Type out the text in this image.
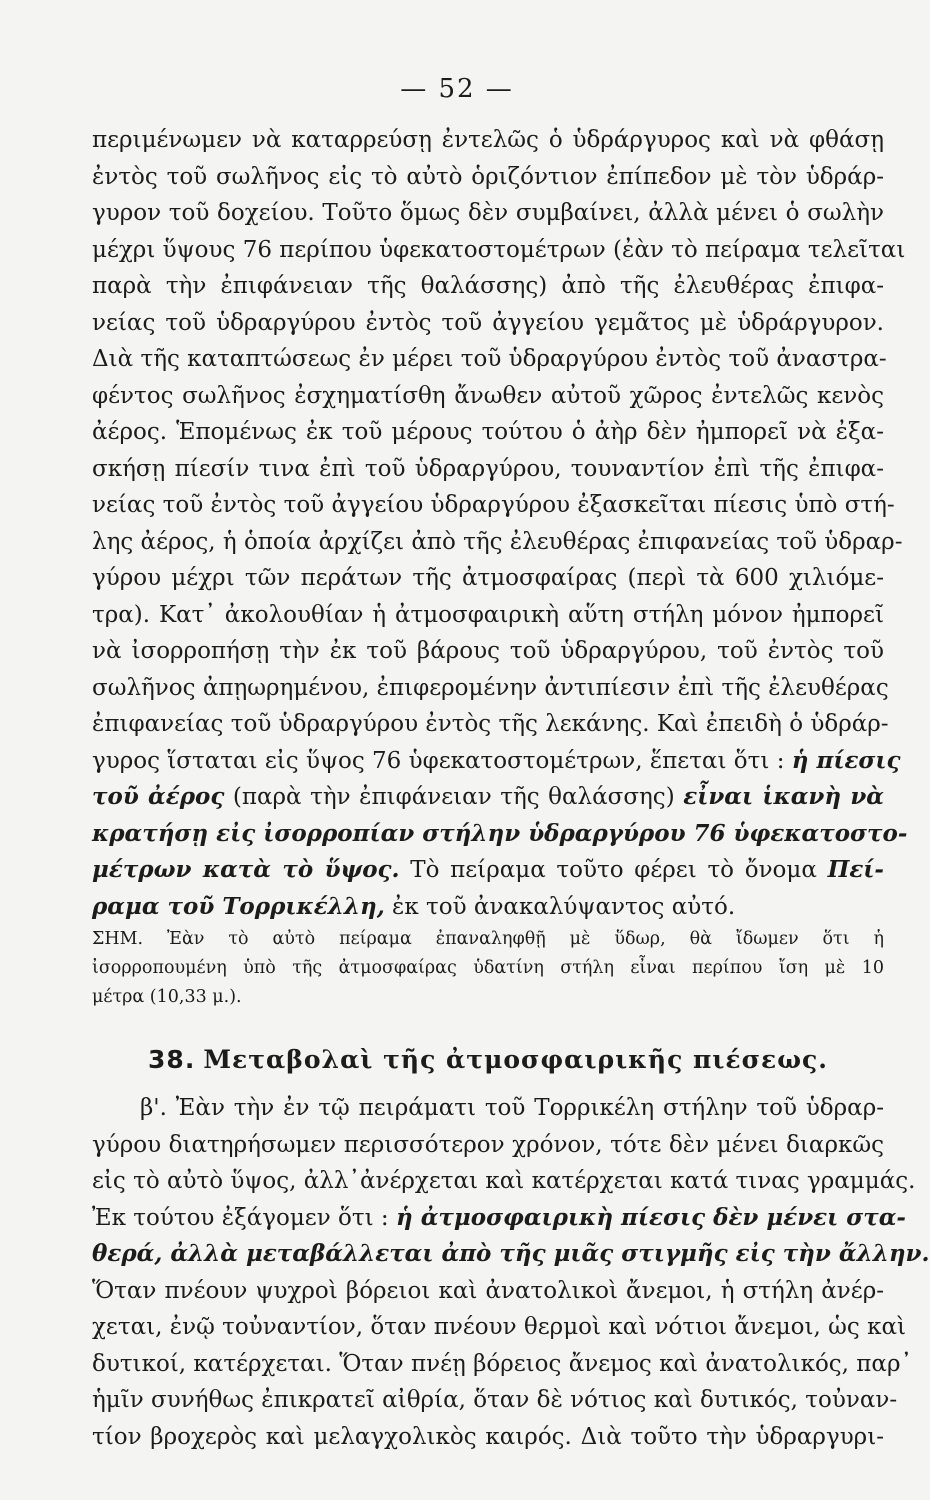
— 52 —
περιμένωμεν νὰ καταρρεύσῃ ἐντελῶς ὁ ὑδράργυρος καὶ νὰ φθάσῃ
ἐντὸς τοῦ σωλῆνος εἰς τὸ αὐτὸ ὁριζόντιον ἐπίπεδον μὲ τὸν ὑδράρ-
γυρον τοῦ δοχείου. Τοῦτο ὅμως δὲν συμβαίνει, ἀλλὰ μένει ὁ σωλὴν
μέχρι ὕψους 76 περίπου ὑφεκατοστομέτρων (ἐὰν τὸ πείραμα τελεῖται
παρὰ τὴν ἐπιφάνειαν τῆς θαλάσσης) ἀπὸ τῆς ἐλευθέρας ἐπιφα-
νείας τοῦ ὑδραργύρου ἐντὸς τοῦ ἀγγείου γεμᾶτος μὲ ὑδράργυρον.
Διὰ τῆς καταπτώσεως ἐν μέρει τοῦ ὑδραργύρου ἐντὸς τοῦ ἀναστρα-
φέντος σωλῆνος ἐσχηματίσθη ἄνωθεν αὐτοῦ χῶρος ἐντελῶς κενὸς
ἀέρος. Ἑπομένως ἐκ τοῦ μέρους τούτου ὁ ἀὴρ δὲν ἠμπορεῖ νὰ ἐξα-
σκήσῃ πίεσίν τινα ἐπὶ τοῦ ὑδραργύρου, τουναντίον ἐπὶ τῆς ἐπιφα-
νείας τοῦ ἐντὸς τοῦ ἀγγείου ὑδραργύρου ἐξασκεῖται πίεσις ὑπὸ στή-
λης ἀέρος, ἡ ὁποία ἀρχίζει ἀπὸ τῆς ἐλευθέρας ἐπιφανείας τοῦ ὑδραρ-
γύρου μέχρι τῶν περάτων τῆς ἀτμοσφαίρας (περὶ τὰ 600 χιλιόμε-
τρα). Κατ᾽ ἀκολουθίαν ἡ ἀτμοσφαιρικὴ αὕτη στήλη μόνον ἠμπορεῖ
νὰ ἰσορροπήσῃ τὴν ἐκ τοῦ βάρους τοῦ ὑδραργύρου, τοῦ ἐντὸς τοῦ
σωλῆνος ἀπῃωρημένου, ἐπιφερομένην ἀντιπίεσιν ἐπὶ τῆς ἐλευθέρας
ἐπιφανείας τοῦ ὑδραργύρου ἐντὸς τῆς λεκάνης. Καὶ ἐπειδὴ ὁ ὑδράρ-
γυρος ἵσταται εἰς ὕψος 76 ὑφεκατοστομέτρων, ἕπεται ὅτι : ἡ πίεσις
τοῦ ἀέρος (παρὰ τὴν ἐπιφάνειαν τῆς θαλάσσης) εἶναι ἱκανὴ νὰ
κρατήσῃ εἰς ἰσορροπίαν στήλην ὑδραργύρου 76 ὑφεκατοστο-
μέτρων κατὰ τὸ ὕψος. Τὸ πείραμα τοῦτο φέρει τὸ ὄνομα Πεί-
ραμα τοῦ Τορρικέλλη, ἐκ τοῦ ἀνακαλύψαντος αὐτό.
ΣΗΜ. Ἐὰν τὸ αὐτὸ πείραμα ἐπαναληφθῇ μὲ ὕδωρ, θὰ ἴδωμεν ὅτι ἡ
ἰσορροπουμένη ὑπὸ τῆς ἀτμοσφαίρας ὑδατίνη στήλη εἶναι περίπου ἴση μὲ 10
μέτρα (10,33 μ.).
38. Μεταβολαὶ τῆς ἀτμοσφαιρικῆς πιέσεως.
β'. Ἐὰν τὴν ἐν τῷ πειράματι τοῦ Τορρικέλη στήλην τοῦ ὑδραρ-
γύρου διατηρήσωμεν περισσότερον χρόνον, τότε δὲν μένει διαρκῶς
εἰς τὸ αὐτὸ ὕψος, ἀλλ᾽ἀνέρχεται καὶ κατέρχεται κατά τινας γραμμάς.
Ἐκ τούτου ἐξάγομεν ὅτι : ἡ ἀτμοσφαιρικὴ πίεσις δὲν μένει στα-
θερά, ἀλλὰ μεταβάλλεται ἀπὸ τῆς μιᾶς στιγμῆς εἰς τὴν ἄλλην.
Ὅταν πνέουν ψυχροὶ βόρειοι καὶ ἀνατολικοὶ ἄνεμοι, ἡ στήλη ἀνέρ-
χεται, ἐνῷ τοὐναντίον, ὅταν πνέουν θερμοὶ καὶ νότιοι ἄνεμοι, ὡς καὶ
δυτικοί, κατέρχεται. Ὅταν πνέῃ βόρειος ἄνεμος καὶ ἀνατολικός, παρ᾽
ἡμῖν συνήθως ἐπικρατεῖ αἰθρία, ὅταν δὲ νότιος καὶ δυτικός, τοὐναν-
τίον βροχερὸς καὶ μελαγχολικὸς καιρός. Διὰ τοῦτο τὴν ὑδραργυρι-
